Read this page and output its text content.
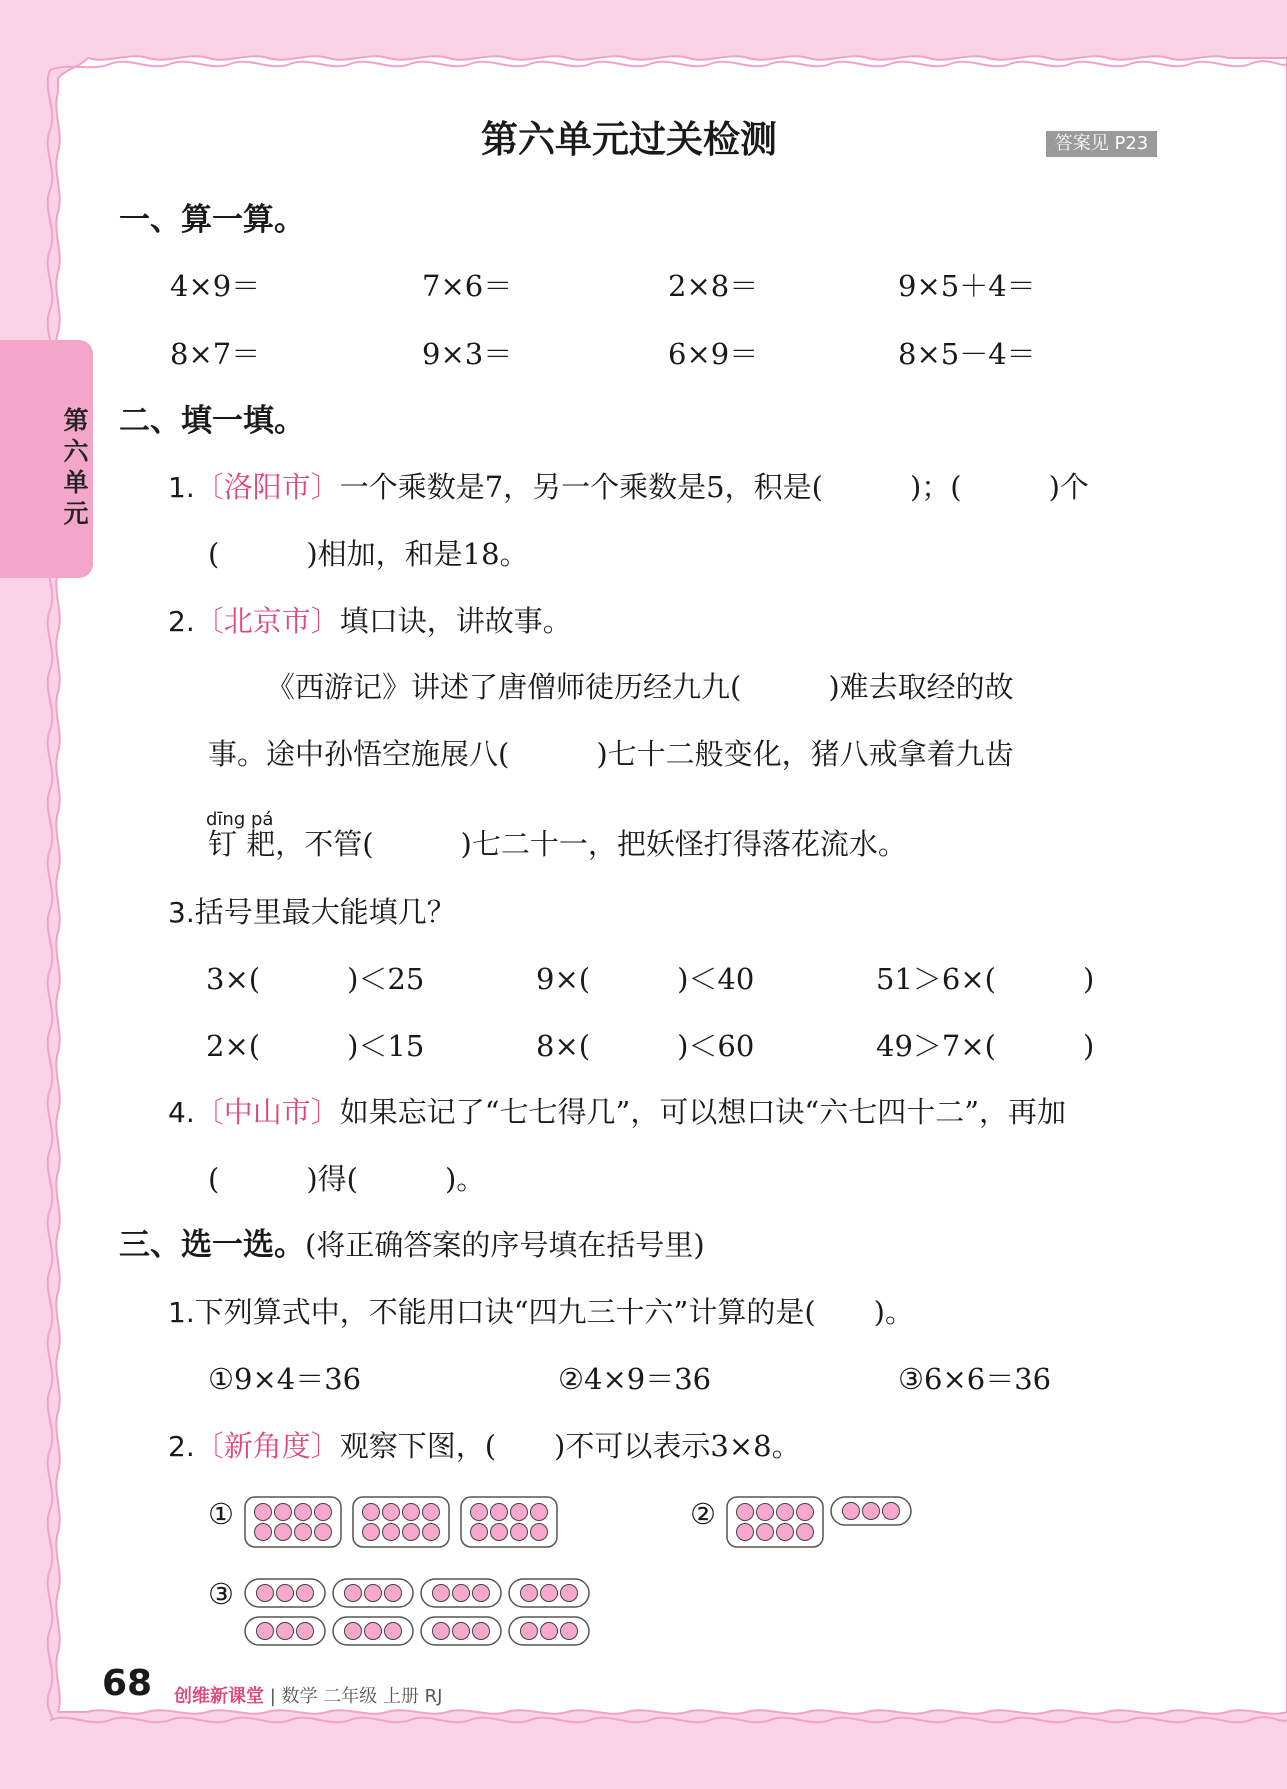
第
六
单
元
第六单元过关检测	答案见 P23
一、算一算。
4×9＝	7×6＝	2×8＝	9×5＋4＝
8×7＝	9×3＝	6×9＝	8×5－4＝
二、填一填。
1.〔洛阳市〕一个乘数是7，另一个乘数是5，积是(　　　)；(　　　)个
(　　　)相加，和是18。
2.〔北京市〕填口诀，讲故事。
《西游记》讲述了唐僧师徒历经九九(　　　)难去取经的故
事。途中孙悟空施展八(　　　)七十二般变化，猪八戒拿着九齿
dīng pá
钉 耙，不管(　　　)七二十一，把妖怪打得落花流水。
3.括号里最大能填几？
3×(　　　)＜25	9×(　　　)＜40	51＞6×(　　　)
2×(　　　)＜15	8×(　　　)＜60	49＞7×(　　　)
4.〔中山市〕如果忘记了“七七得几”，可以想口诀“六七四十二”，再加
(　　　)得(　　　)。
三、选一选。(将正确答案的序号填在括号里)
1.下列算式中，不能用口诀“四九三十六”计算的是(　　)。
①9×4＝36	②4×9＝36	③6×6＝36
2.〔新角度〕观察下图，(　　)不可以表示3×8。
①	②
③
68 创维新课堂 | 数学 二年级 上册 RJ
